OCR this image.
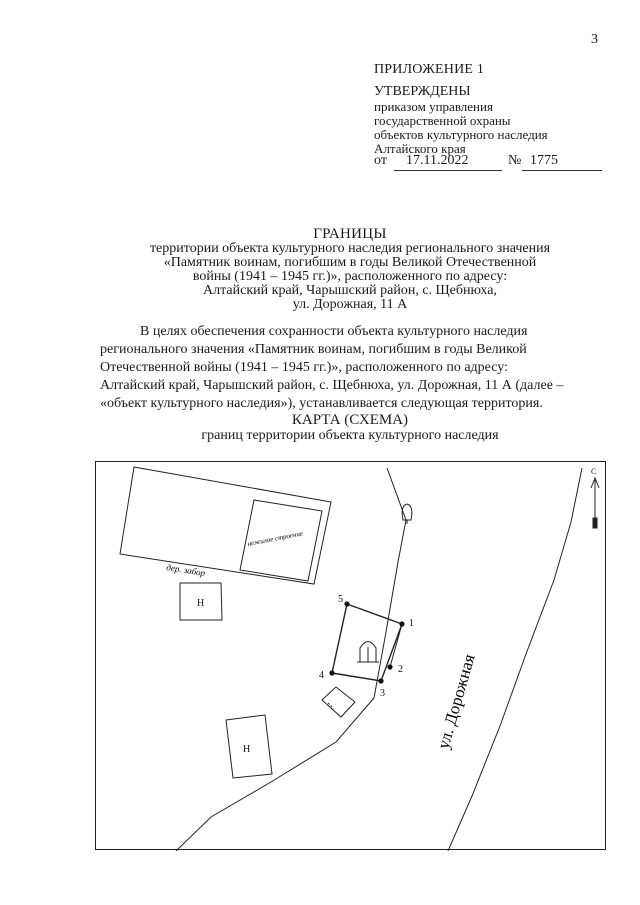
3
ПРИЛОЖЕНИЕ 1
УТВЕРЖДЕНЫ
приказом управления
государственной охраны
объектов культурного наследия
Алтайского края
от 17.11.2022	№ 1775
ГРАНИЦЫ
территории объекта культурного наследия регионального значения
«Памятник воинам, погибшим в годы Великой Отечественной
войны (1941 – 1945 гг.)», расположенного по адресу:
Алтайский край, Чарышский район, с. Щебнюха,
ул. Дорожная, 11 А

В целях обеспечения сохранности объекта культурного наследия

регионального значения «Памятник воинам, погибшим в годы Великой

Отечественной войны (1941 – 1945 гг.)», расположенного по адресу:

Алтайский край, Чарышский район, с. Щебнюха, ул. Дорожная, 11 А (далее –

«объект культурного наследия»), устанавливается следующая территория.

КАРТА (СХЕМА)
границ территории объекта культурного наследия
1
2
3
4
5
Н
Н
С
дер. забор
нежилое строение
ул. Дорожная
